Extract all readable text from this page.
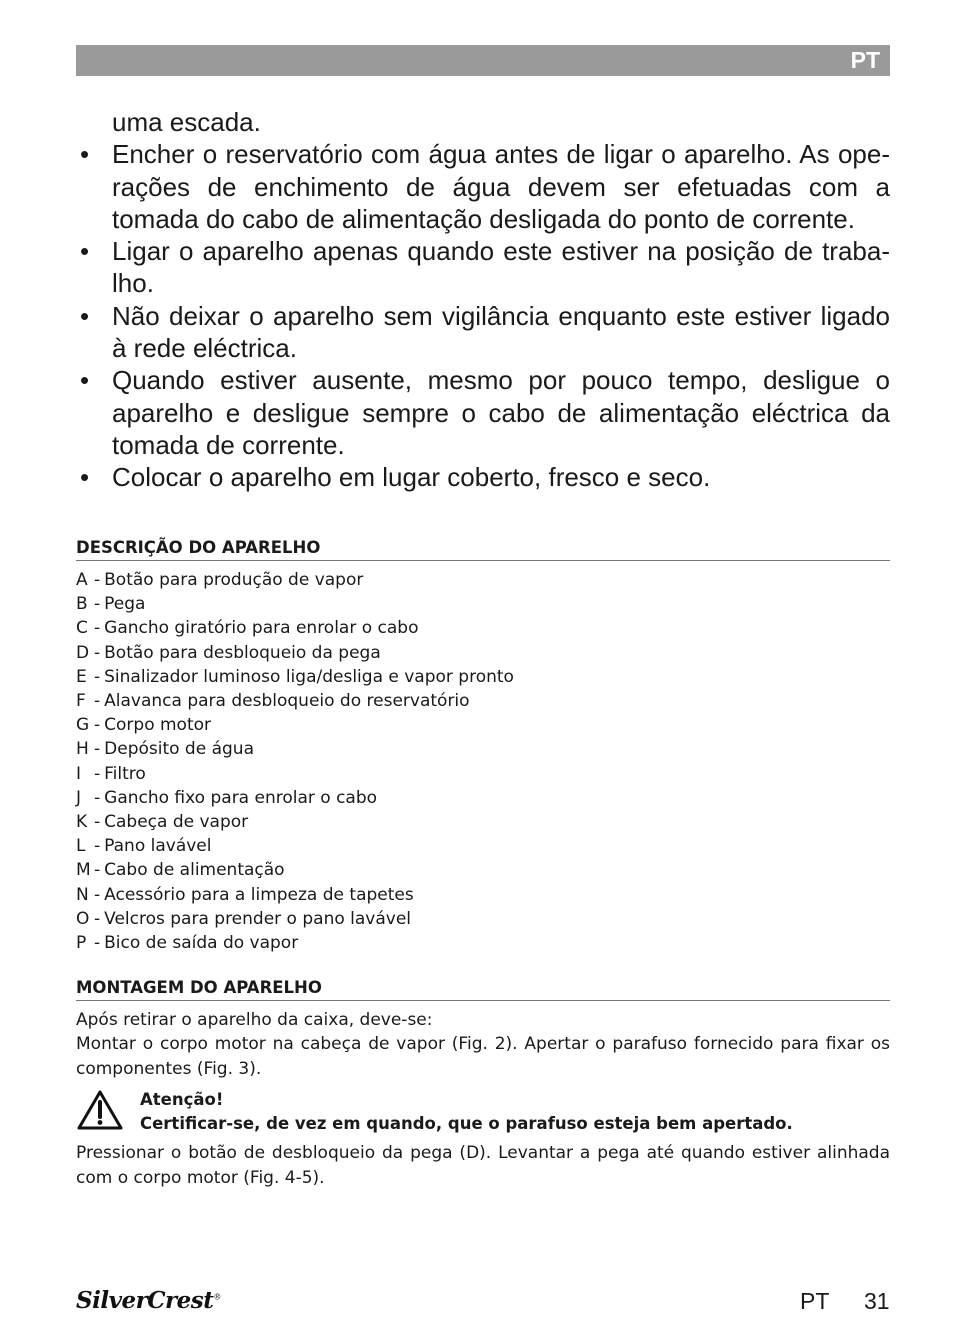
PT
uma escada.
• Encher o reservatório com água antes de ligar o aparelho. As ope-rações de enchimento de água devem ser efetuadas com a tomada do cabo de alimentação desligada do ponto de corrente.
• Ligar o aparelho apenas quando este estiver na posição de traba-lho.
• Não deixar o aparelho sem vigilância enquanto este estiver ligado à rede eléctrica.
• Quando estiver ausente, mesmo por pouco tempo, desligue o aparelho e desligue sempre o cabo de alimentação eléctrica da tomada de corrente.
• Colocar o aparelho em lugar coberto, fresco e seco.
DESCRIÇÃO DO APARELHO
A - Botão para produção de vapor
B - Pega
C - Gancho giratório para enrolar o cabo
D - Botão para desbloqueio da pega
E - Sinalizador luminoso liga/desliga e vapor pronto
F - Alavanca para desbloqueio do reservatório
G - Corpo motor
H - Depósito de água
I - Filtro
J - Gancho fixo para enrolar o cabo
K - Cabeça de vapor
L - Pano lavável
M - Cabo de alimentação
N - Acessório para a limpeza de tapetes
O - Velcros para prender o pano lavável
P - Bico de saída do vapor
MONTAGEM DO APARELHO
Após retirar o aparelho da caixa, deve-se:
Montar o corpo motor na cabeça de vapor (Fig. 2). Apertar o parafuso fornecido para fixar os componentes (Fig. 3).
Atenção!
Certificar-se, de vez em quando, que o parafuso esteja bem apertado.
Pressionar o botão de desbloqueio da pega (D). Levantar a pega até quando estiver alinhada com o corpo motor (Fig. 4-5).
SilverCrest®	PT 31
